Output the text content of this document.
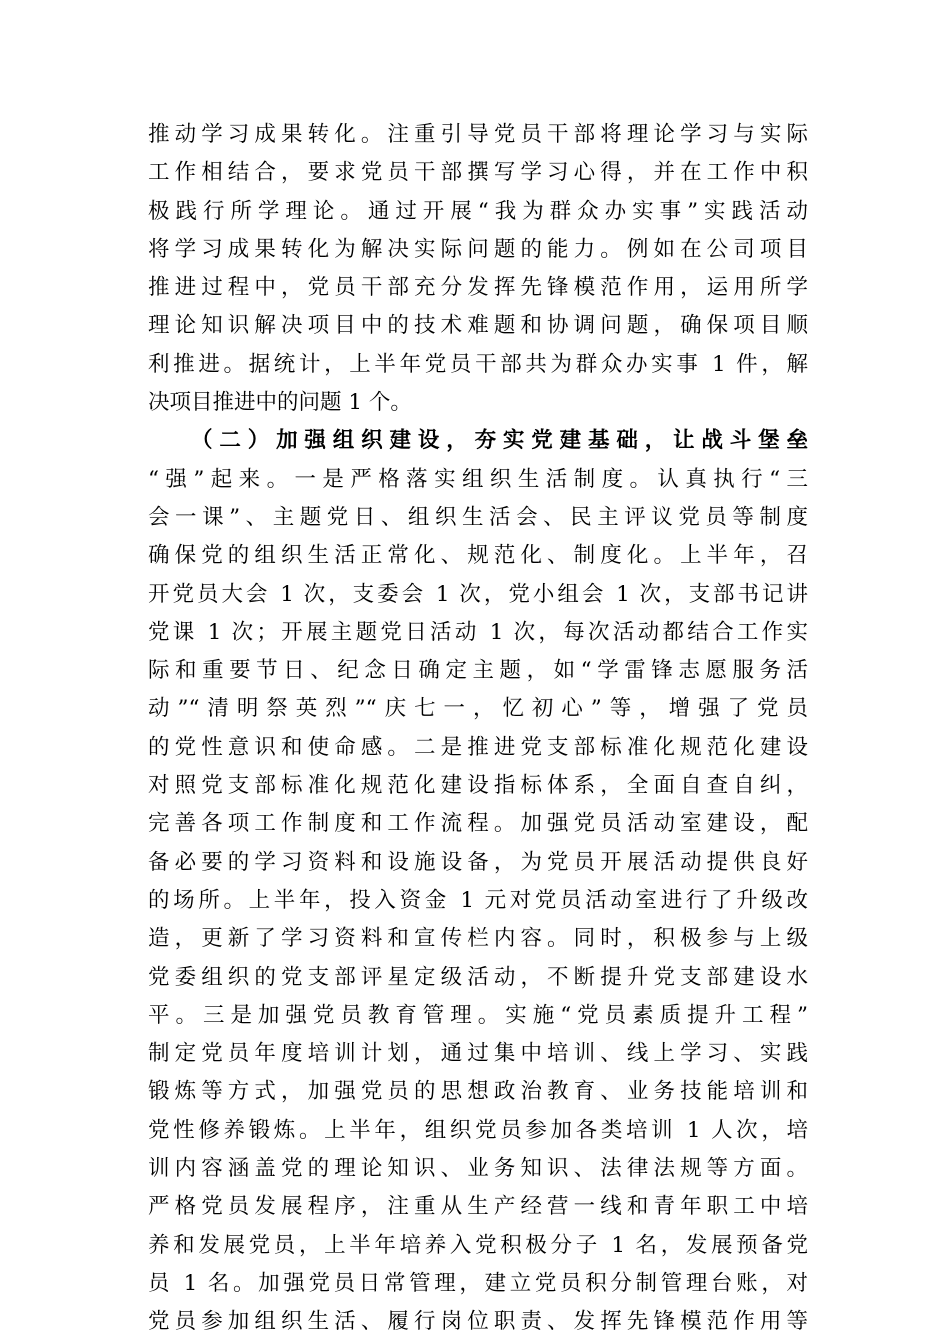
推动学习成果转化。注重引导党员干部将理论学习与实际
工作相结合，要求党员干部撰写学习心得，并在工作中积
极践行所学理论。通过开展“我为群众办实事”实践活动
将学习成果转化为解决实际问题的能力。例如在公司项目
推进过程中，党员干部充分发挥先锋模范作用，运用所学
理论知识解决项目中的技术难题和协调问题，确保项目顺
利推进。据统计，上半年党员干部共为群众办实事 1 件，解
决项目推进中的问题 1 个。
（二）加强组织建设，夯实党建基础，让战斗堡垒
“强”起来。一是严格落实组织生活制度。认真执行“三
会一课”、主题党日、组织生活会、民主评议党员等制度
确保党的组织生活正常化、规范化、制度化。上半年，召
开党员大会 1 次，支委会 1 次，党小组会 1 次，支部书记讲
党课 1 次；开展主题党日活动 1 次，每次活动都结合工作实
际和重要节日、纪念日确定主题，如“学雷锋志愿服务活
动”“清明祭英烈”“庆七一，忆初心”等，增强了党员
的党性意识和使命感。二是推进党支部标准化规范化建设
对照党支部标准化规范化建设指标体系，全面自查自纠，
完善各项工作制度和工作流程。加强党员活动室建设，配
备必要的学习资料和设施设备，为党员开展活动提供良好
的场所。上半年，投入资金 1 元对党员活动室进行了升级改
造，更新了学习资料和宣传栏内容。同时，积极参与上级
党委组织的党支部评星定级活动，不断提升党支部建设水
平。三是加强党员教育管理。实施“党员素质提升工程”
制定党员年度培训计划，通过集中培训、线上学习、实践
锻炼等方式，加强党员的思想政治教育、业务技能培训和
党性修养锻炼。上半年，组织党员参加各类培训 1 人次，培
训内容涵盖党的理论知识、业务知识、法律法规等方面。
严格党员发展程序，注重从生产经营一线和青年职工中培
养和发展党员，上半年培养入党积极分子 1 名，发展预备党
员 1 名。加强党员日常管理，建立党员积分制管理台账，对
党员参加组织生活、履行岗位职责、发挥先锋模范作用等
